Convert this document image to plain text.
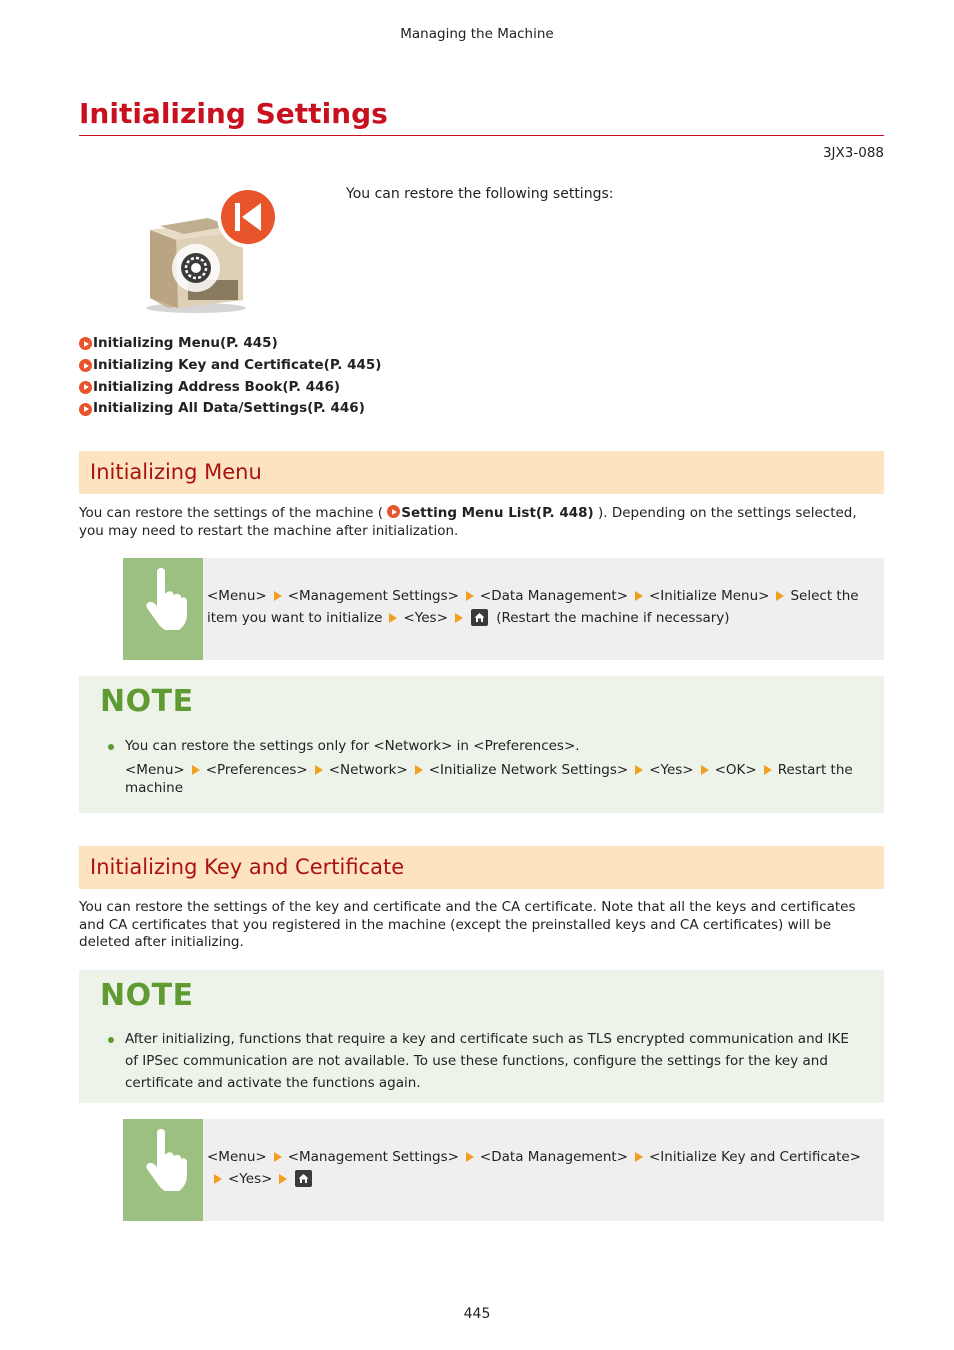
Managing the Machine
Initializing Settings
3JX3-088
You can restore the following settings:
Initializing Menu(P. 445)
Initializing Key and Certificate(P. 445)
Initializing Address Book(P. 446)
Initializing All Data/Settings(P. 446)
Initializing Menu
You can restore the settings of the machine ( Setting Menu List(P. 448) ). Depending on the settings selected, you may need to restart the machine after initialization.
<Menu> <Management Settings> <Data Management> <Initialize Menu> Select the item you want to initialize <Yes>	(Restart the machine if necessary)
NOTE
You can restore the settings only for <Network> in <Preferences>.
<Menu> <Preferences> <Network> <Initialize Network Settings> <Yes> <OK> Restart the machine
Initializing Key and Certificate
You can restore the settings of the key and certificate and the CA certificate. Note that all the keys and certificates and CA certificates that you registered in the machine (except the preinstalled keys and CA certificates) will be deleted after initializing.
NOTE
After initializing, functions that require a key and certificate such as TLS encrypted communication and IKE of IPSec communication are not available. To use these functions, configure the settings for the key and certificate and activate the functions again.
<Menu> <Management Settings> <Data Management> <Initialize Key and Certificate><Yes>
445
